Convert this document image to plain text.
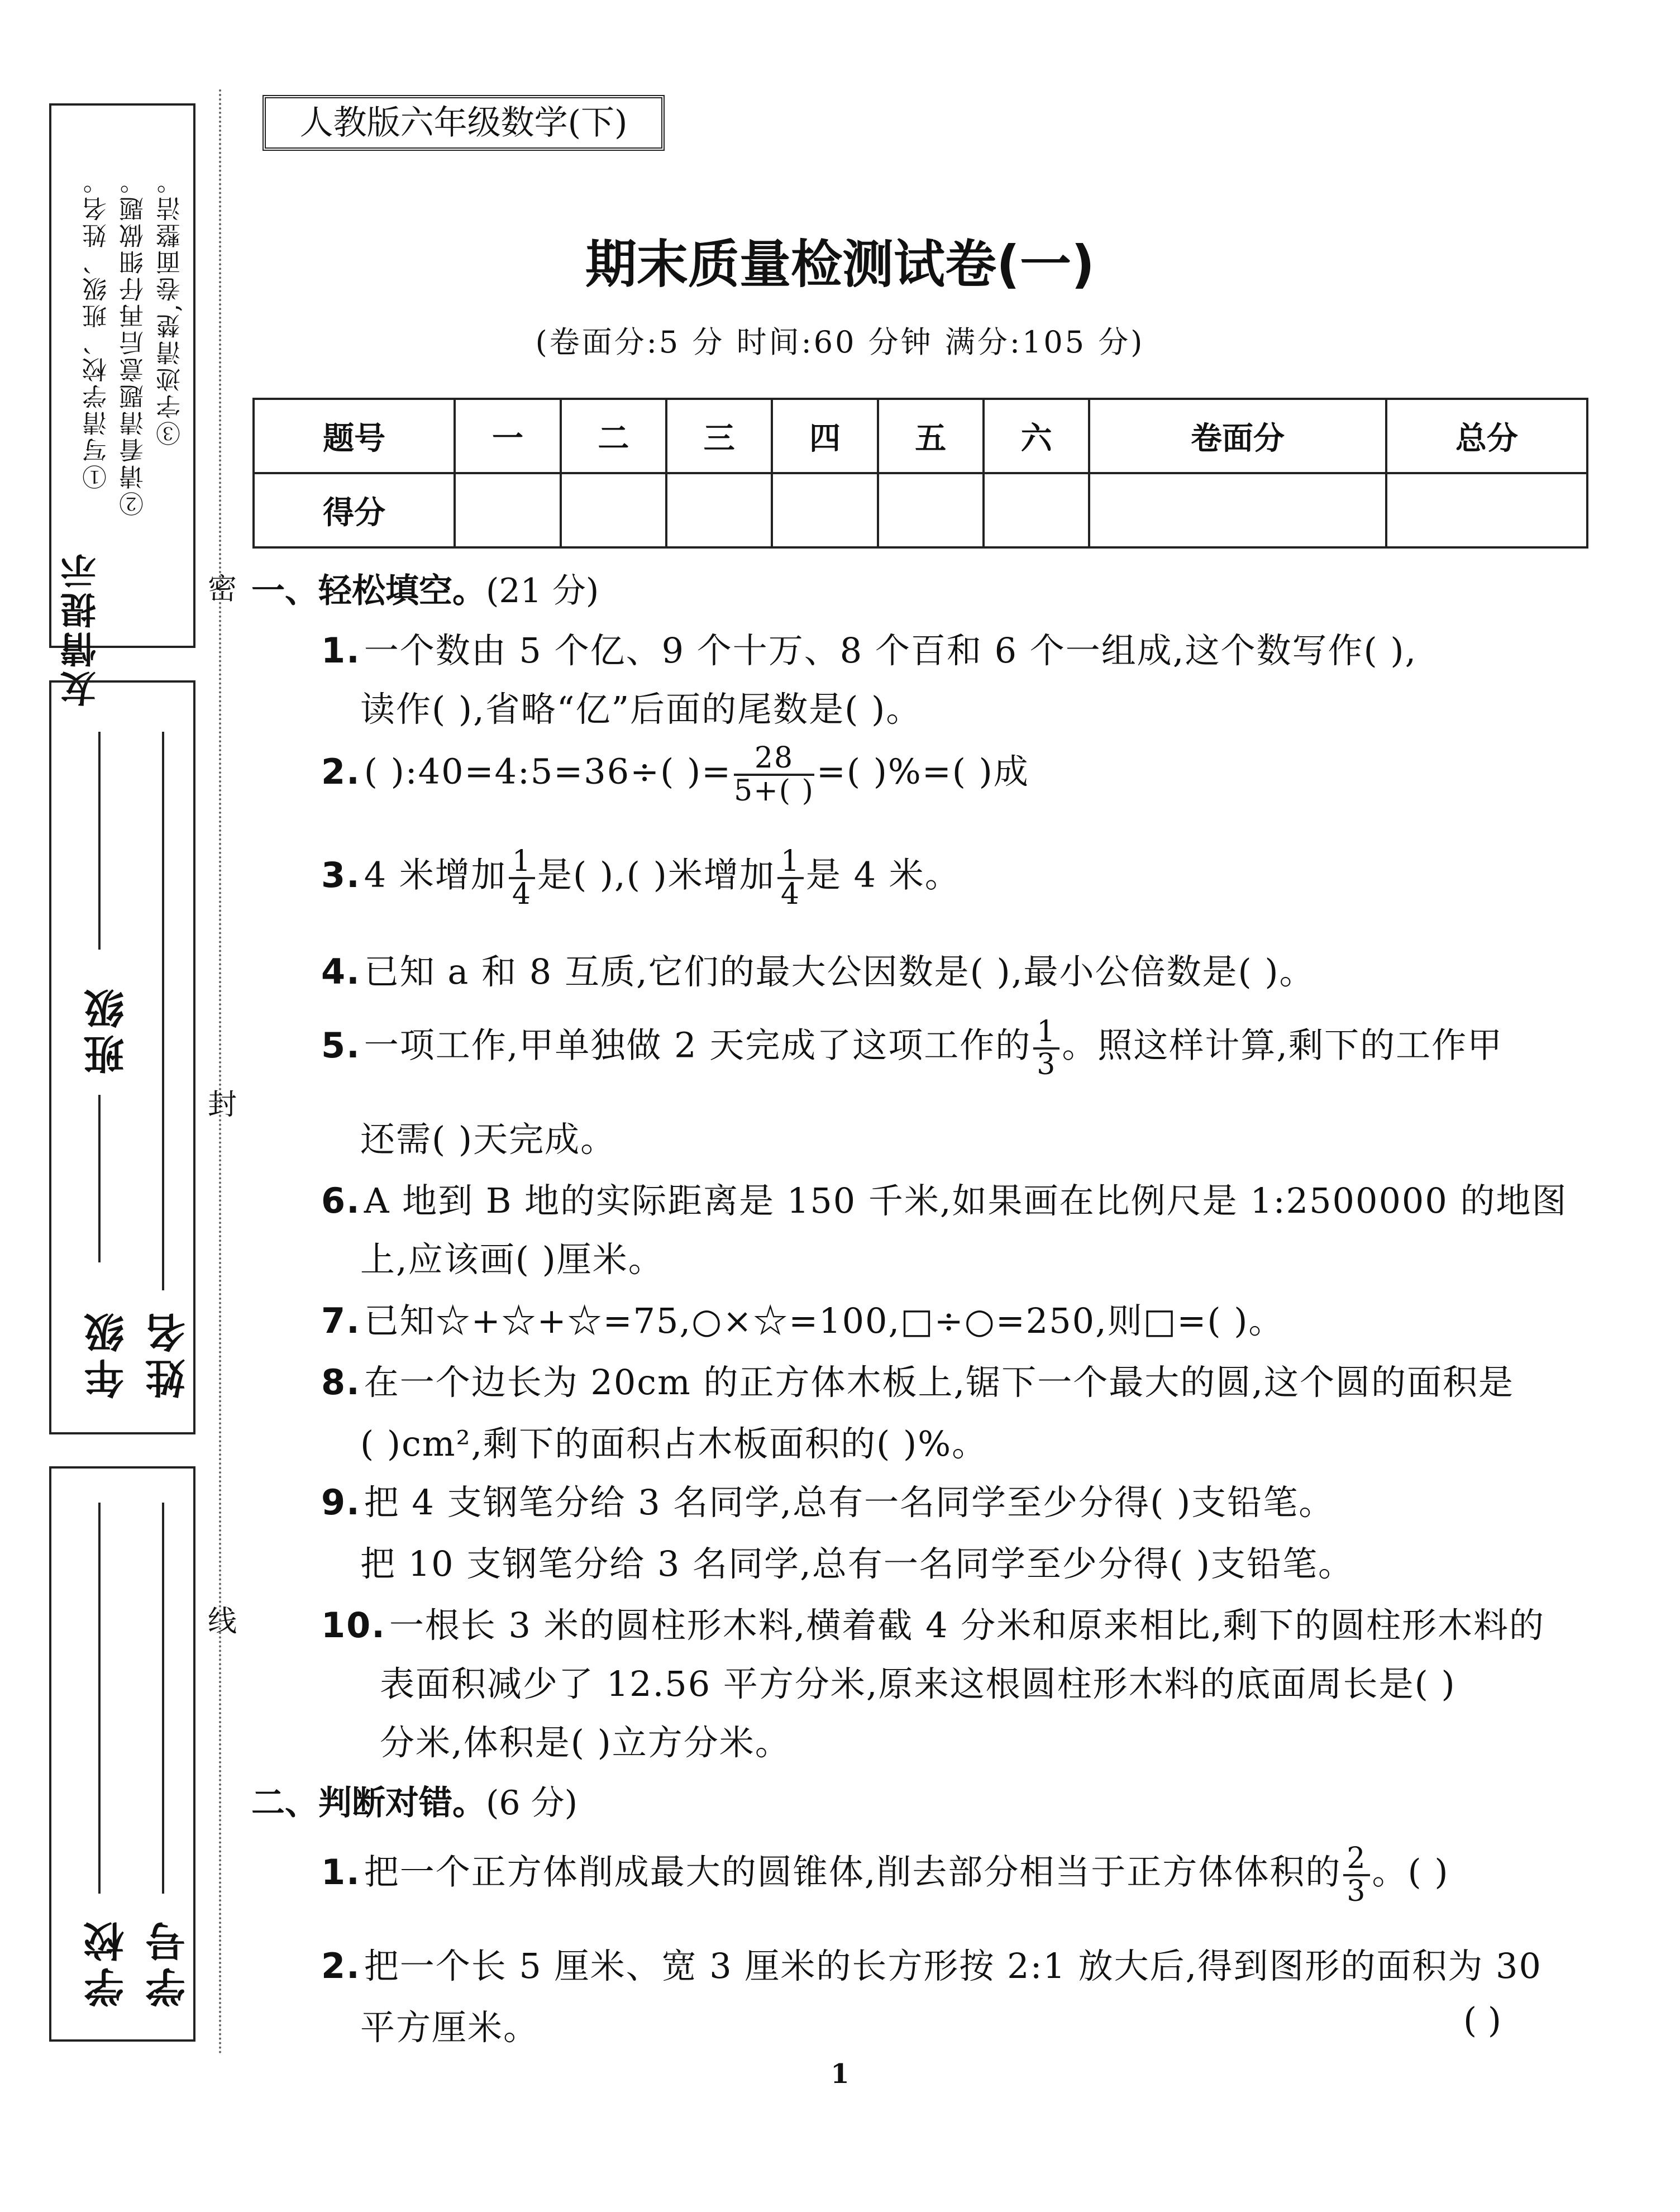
友情提示
①写清学校、班级、姓名。 ②请看清题意后再仔细做题。 ③字迹清楚,卷面整洁。
班级
年级 姓名
学校 学号
密
封
线
人教版六年级数学(下)
期末质量检测试卷(一)
(卷面分:5 分 时间:60 分钟 满分:105 分)
题号	一	二	三	四	五	六	卷面分	总分
得分								
一、轻松填空。(21 分)
1.一个数由 5 个亿、9 个十万、8 个百和 6 个一组成,这个数写作( ),
读作( ),省略“亿”后面的尾数是( )。
2.( ):40=4:5=36÷( )= $\frac{28}{5+( )}$ =( )%=( )成
3.4 米增加 $\frac{1}{4}$ 是( ),( )米增加 $\frac{1}{4}$ 是 4 米。
4.已知 a 和 8 互质,它们的最大公因数是( ),最小公倍数是( )。
5.一项工作,甲单独做 2 天完成了这项工作的 $\frac{1}{3}$ 。照这样计算,剩下的工作甲
还需( )天完成。
6.A 地到 B 地的实际距离是 150 千米,如果画在比例尺是 1:2500000 的地图
上,应该画( )厘米。
7.已知☆+☆+☆=75,○×☆=100,□÷○=250,则□=( )。
8.在一个边长为 20cm 的正方体木板上,锯下一个最大的圆,这个圆的面积是
( )cm²,剩下的面积占木板面积的( )%。
9.把 4 支钢笔分给 3 名同学,总有一名同学至少分得( )支铅笔。
把 10 支钢笔分给 3 名同学,总有一名同学至少分得( )支铅笔。
10.一根长 3 米的圆柱形木料,横着截 4 分米和原来相比,剩下的圆柱形木料的
表面积减少了 12.56 平方分米,原来这根圆柱形木料的底面周长是( )
分米,体积是( )立方分米。
二、判断对错。(6 分)
1.把一个正方体削成最大的圆锥体,削去部分相当于正方体体积的 $\frac{2}{3}$ 。( )
2.把一个长 5 厘米、宽 3 厘米的长方形按 2:1 放大后,得到图形的面积为 30
平方厘米。	( )
1
